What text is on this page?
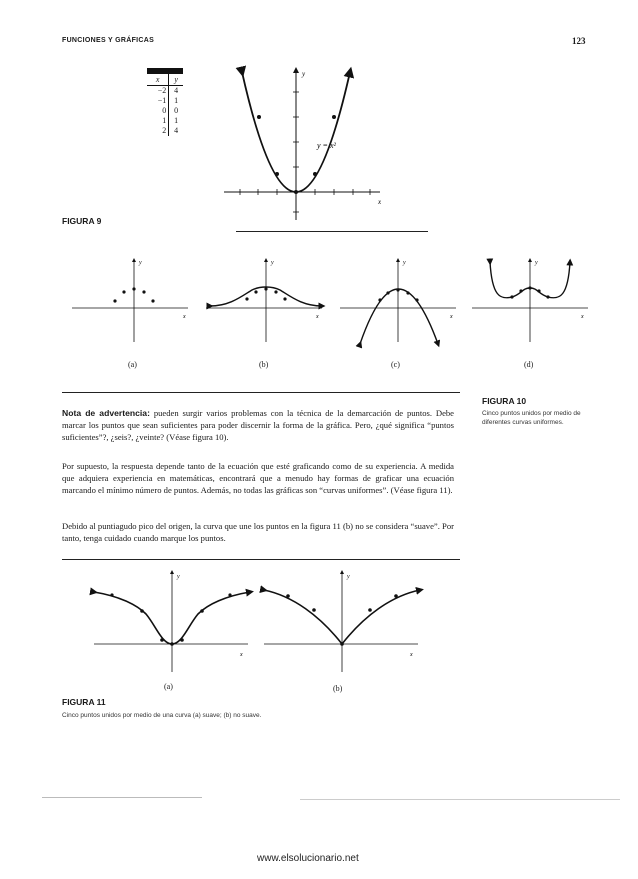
FUNCIONES Y GRÁFICAS	123
x	y
−2	4
−1	1
0	0
1	1
2	4
y = x²
y
x
FIGURA 9
y
x
y
x
y
x
y
x
(a)	(b)	(c)	(d)
FIGURA 10
Cinco puntos unidos por medio de diferentes curvas uniformes.
Nota de advertencia: pueden surgir varios problemas con la técnica de la demarcación de puntos. Debe marcar los puntos que sean suficientes para poder discernir la forma de la gráfica. Pero, ¿qué significa “puntos suficientes”?, ¿seis?, ¿veinte? (Véase figura 10).
Por supuesto, la respuesta depende tanto de la ecuación que esté graficando como de su experiencia. A medida que adquiera experiencia en matemáticas, encontrará que a menudo hay formas de graficar una ecuación marcando el mínimo número de puntos. Además, no todas las gráficas son “curvas uniformes”. (Véase figura 11).
Debido al puntiagudo pico del origen, la curva que une los puntos en la figura 11 (b) no se considera “suave”. Por tanto, tenga cuidado cuando marque los puntos.
y
x
y
x
(a)	(b)
FIGURA 11
Cinco puntos unidos por medio de una curva (a) suave; (b) no suave.
www.elsolucionario.net
